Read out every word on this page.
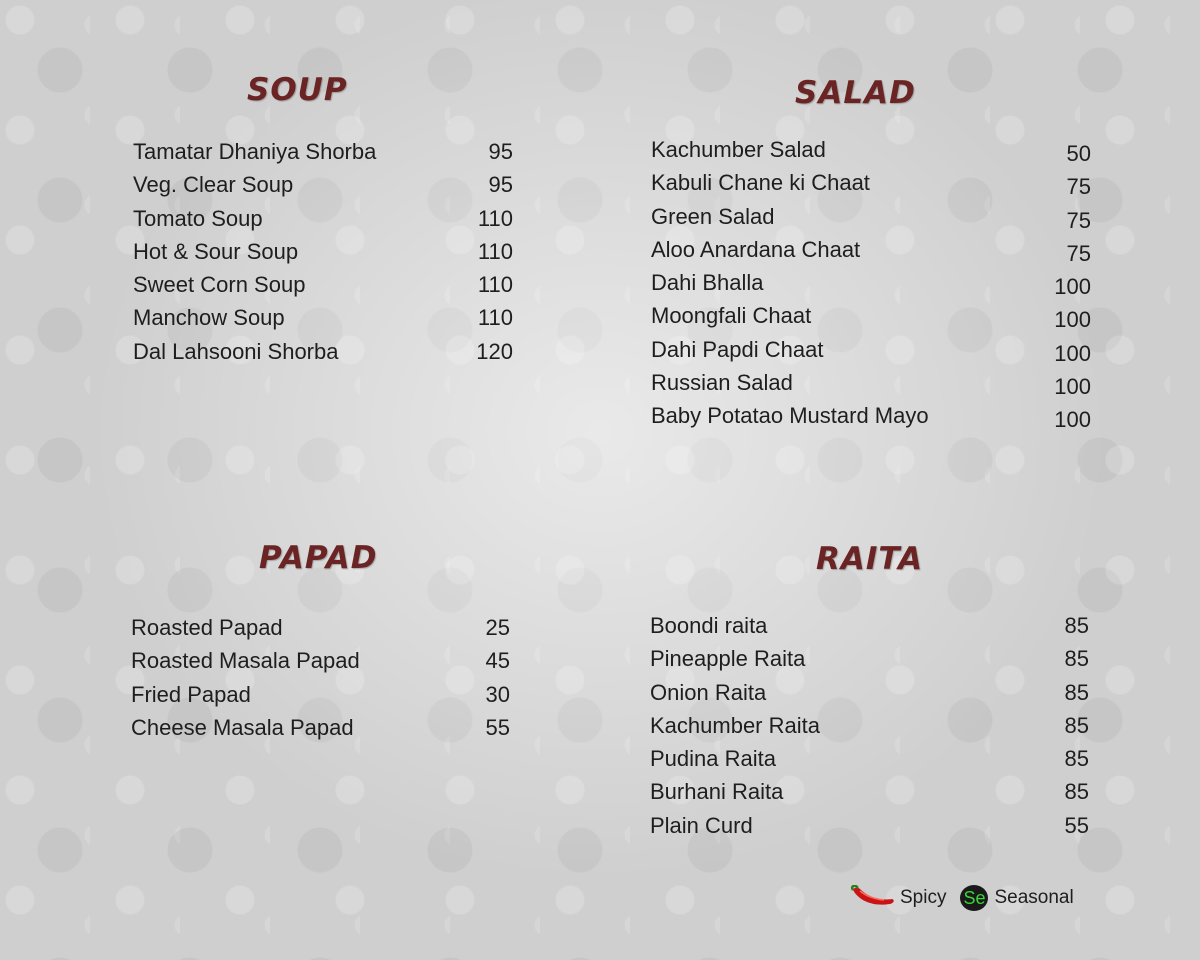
SOUP
Tamatar Dhaniya Shorba	95
Veg. Clear Soup	95
Tomato Soup	110
Hot & Sour Soup	110
Sweet Corn Soup	110
Manchow Soup	110
Dal Lahsooni Shorba	120
SALAD
Kachumber Salad	50
Kabuli Chane ki Chaat	75
Green Salad	75
Aloo Anardana Chaat	75
Dahi Bhalla	100
Moongfali Chaat	100
Dahi Papdi Chaat	100
Russian Salad	100
Baby Potatao Mustard Mayo	100
PAPAD
Roasted Papad	25
Roasted Masala Papad	45
Fried Papad	30
Cheese Masala Papad	55
RAITA
Boondi raita	85
Pineapple Raita	85
Onion Raita	85
Kachumber Raita	85
Pudina Raita	85
Burhani Raita	85
Plain Curd	55
Spicy Se Seasonal
